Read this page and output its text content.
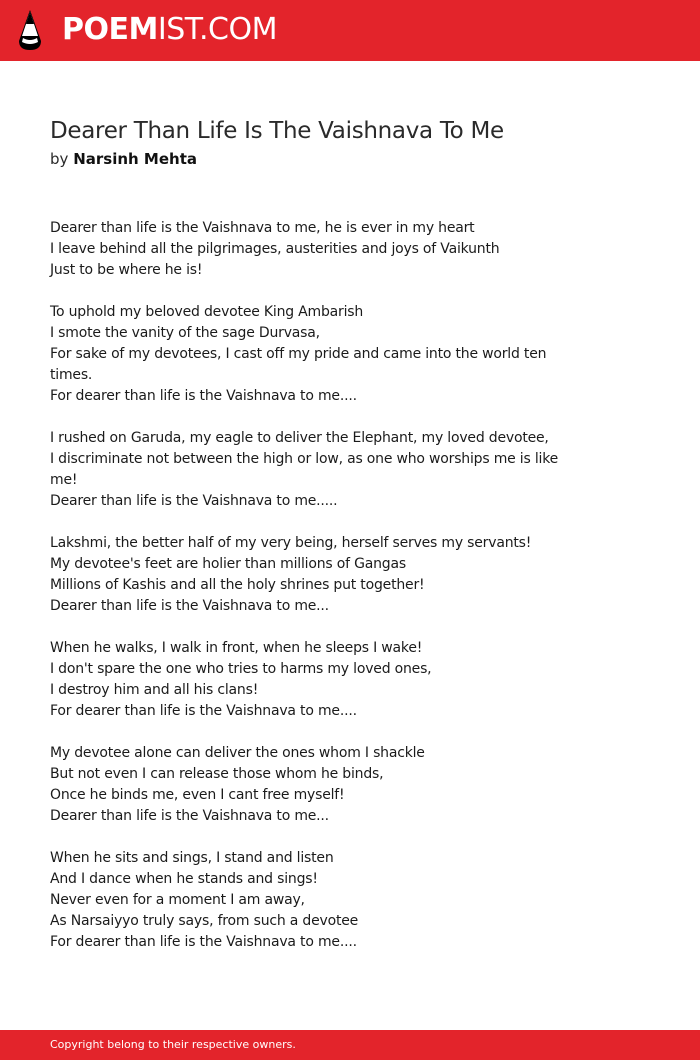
POEMIST.COM
Dearer Than Life Is The Vaishnava To Me
by Narsinh Mehta
Dearer than life is the Vaishnava to me, he is ever in my heart
I leave behind all the pilgrimages, austerities and joys of Vaikunth
Just to be where he is!
To uphold my beloved devotee King Ambarish
I smote the vanity of the sage Durvasa,
For sake of my devotees, I cast off my pride and came into the world ten times.
For dearer than life is the Vaishnava to me....
I rushed on Garuda, my eagle to deliver the Elephant, my loved devotee,
I discriminate not between the high or low, as one who worships me is like me!
Dearer than life is the Vaishnava to me.....
Lakshmi, the better half of my very being, herself serves my servants!
My devotee's feet are holier than millions of Gangas
Millions of Kashis and all the holy shrines put together!
Dearer than life is the Vaishnava to me...
When he walks, I walk in front, when he sleeps I wake!
I don't spare the one who tries to harms my loved ones,
I destroy him and all his clans!
For dearer than life is the Vaishnava to me....
My devotee alone can deliver the ones whom I shackle
But not even I can release those whom he binds,
Once he binds me, even I cant free myself!
Dearer than life is the Vaishnava to me...
When he sits and sings, I stand and listen
And I dance when he stands and sings!
Never even for a moment I am away,
As Narsaiyyo truly says, from such a devotee
For dearer than life is the Vaishnava to me....
Copyright belong to their respective owners.
